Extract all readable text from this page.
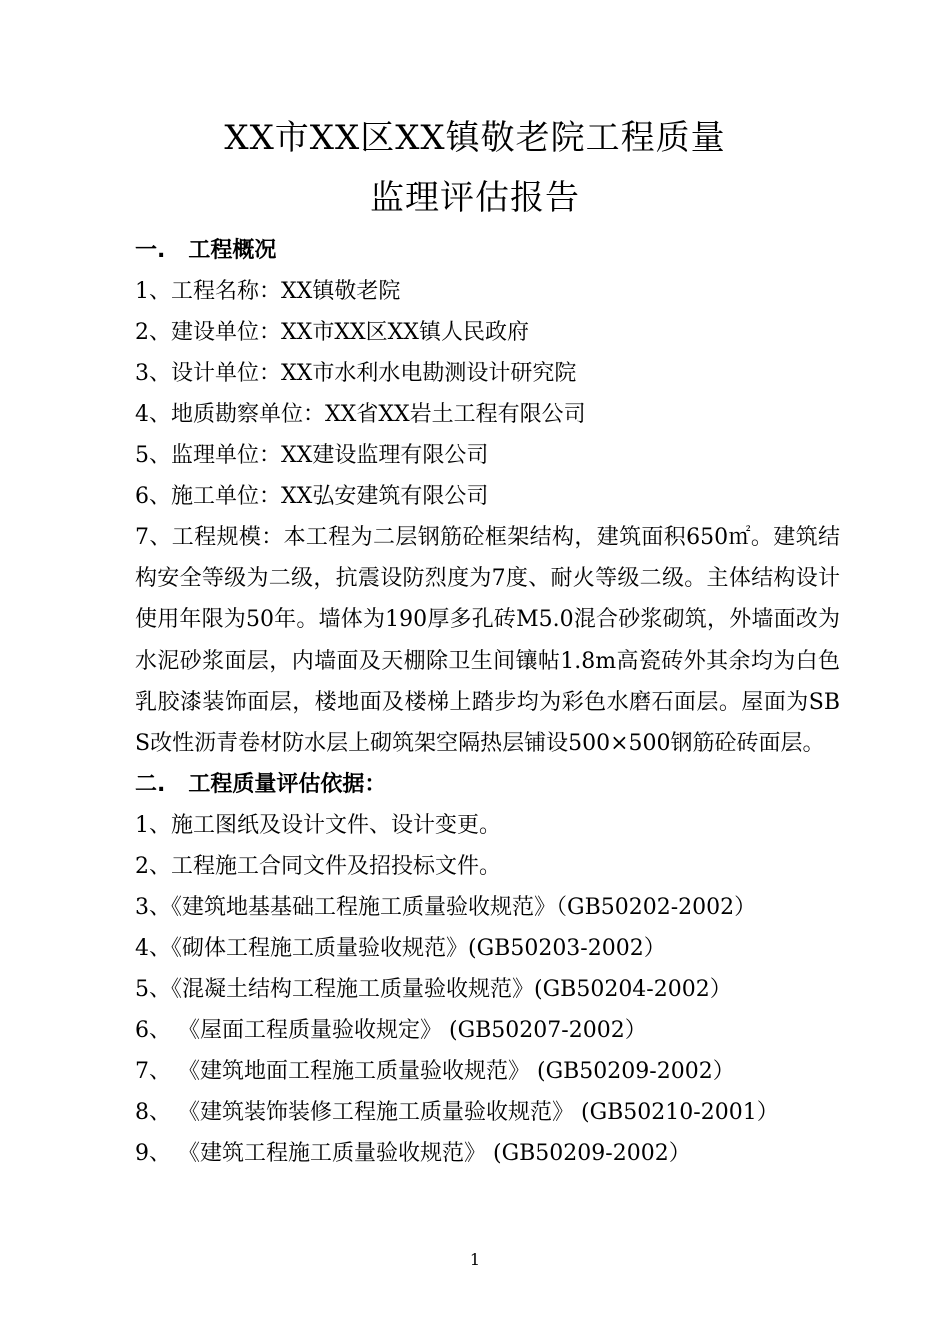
XX市XX区XX镇敬老院工程质量
监理评估报告
一.   工程概况
1、工程名称：XX镇敬老院
2、建设单位：XX市XX区XX镇人民政府
3、设计单位：XX市水利水电勘测设计研究院
4、地质勘察单位：XX省XX岩土工程有限公司
5、监理单位：XX建设监理有限公司
6、施工单位：XX弘安建筑有限公司
7、工程规模：本工程为二层钢筋砼框架结构，建筑面积650㎡。建筑结构安全等级为二级，抗震设防烈度为7度、耐火等级二级。主体结构设计使用年限为50年。墙体为190厚多孔砖M5.0混合砂浆砌筑，外墙面改为水泥砂浆面层，内墙面及天棚除卫生间镶帖1.8m高瓷砖外其余均为白色乳胶漆装饰面层，楼地面及楼梯上踏步均为彩色水磨石面层。屋面为SBS改性沥青卷材防水层上砌筑架空隔热层铺设500×500钢筋砼砖面层。
二.   工程质量评估依据：
1、施工图纸及设计文件、设计变更。
2、工程施工合同文件及招投标文件。
3、《建筑地基基础工程施工质量验收规范》（GB50202-2002）
4、《砌体工程施工质量验收规范》(GB50203-2002）
5、《混凝土结构工程施工质量验收规范》(GB50204-2002）
6、 《屋面工程质量验收规定》 (GB50207-2002）
7、 《建筑地面工程施工质量验收规范》 (GB50209-2002）
8、 《建筑装饰装修工程施工质量验收规范》 (GB50210-2001）
9、 《建筑工程施工质量验收规范》 (GB50209-2002）
1
